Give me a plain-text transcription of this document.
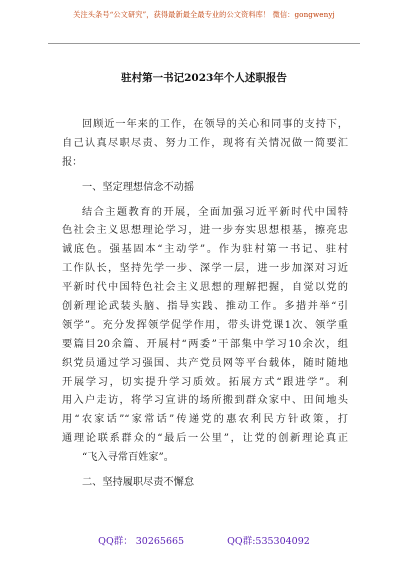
关注头条号“公文研究”，获得最新最全最专业的公文资料库！ 微信：gongwenyj
驻村第一书记2023年个人述职报告
回顾近一年来的工作，在领导的关心和同事的支持下，
自己认真尽职尽责、努力工作，现将有关情况做一简要汇
报：
一、坚定理想信念不动摇
结合主题教育的开展，全面加强习近平新时代中国特
色社会主义思想理论学习，进一步夯实思想根基，擦亮忠
诚底色。强基固本“主动学”。作为驻村第一书记、驻村
工作队长，坚持先学一步、深学一层，进一步加深对习近
平新时代中国特色社会主义思想的理解把握，自觉以党的
创新理论武装头脑、指导实践、推动工作。多措并举“引
领学”。充分发挥领学促学作用，带头讲党课1次、领学重
要篇目20余篇、开展村“两委”干部集中学习10余次，组
织党员通过学习强国、共产党员网等平台载体，随时随地
开展学习，切实提升学习质效。拓展方式“跟进学”。利
用入户走访，将学习宣讲的场所搬到群众家中、田间地头
用“农家话”“家常话”传递党的惠农利民方针政策，打
通理论联系群众的“最后一公里”，让党的创新理论真正
“飞入寻常百姓家”。
二、坚持履职尽责不懈怠
QQ群： 30265665	QQ群:535304092
